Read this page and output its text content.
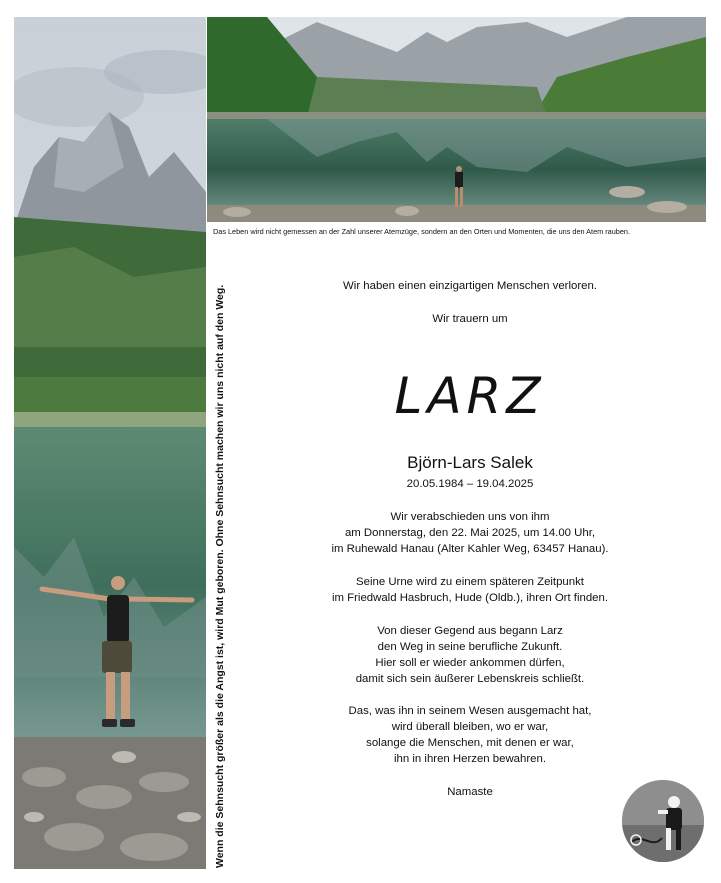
Das Leben wird nicht gemessen an der Zahl unserer Atemzüge, sondern an den Orten und Momenten, die uns den Atem rauben.
Wenn die Sehnsucht größer als die Angst ist, wird Mut geboren. Ohne Sehnsucht machen wir uns nicht auf den Weg.	Wir haben einen einzigartigen Menschen verloren.
Wir trauern um
LARZ
Björn-Lars Salek
20.05.1984 – 19.04.2025
Wir verabschieden uns von ihm
am Donnerstag, den 22. Mai 2025, um 14.00 Uhr,
im Ruhewald Hanau (Alter Kahler Weg, 63457 Hanau).
Seine Urne wird zu einem späteren Zeitpunkt
im Friedwald Hasbruch, Hude (Oldb.), ihren Ort finden.
Von dieser Gegend aus begann Larz
den Weg in seine berufliche Zukunft.
Hier soll er wieder ankommen dürfen,
damit sich sein äußerer Lebenskreis schließt.
Das, was ihn in seinem Wesen ausgemacht hat,
wird überall bleiben, wo er war,
solange die Menschen, mit denen er war,
ihn in ihren Herzen bewahren.
Namaste
